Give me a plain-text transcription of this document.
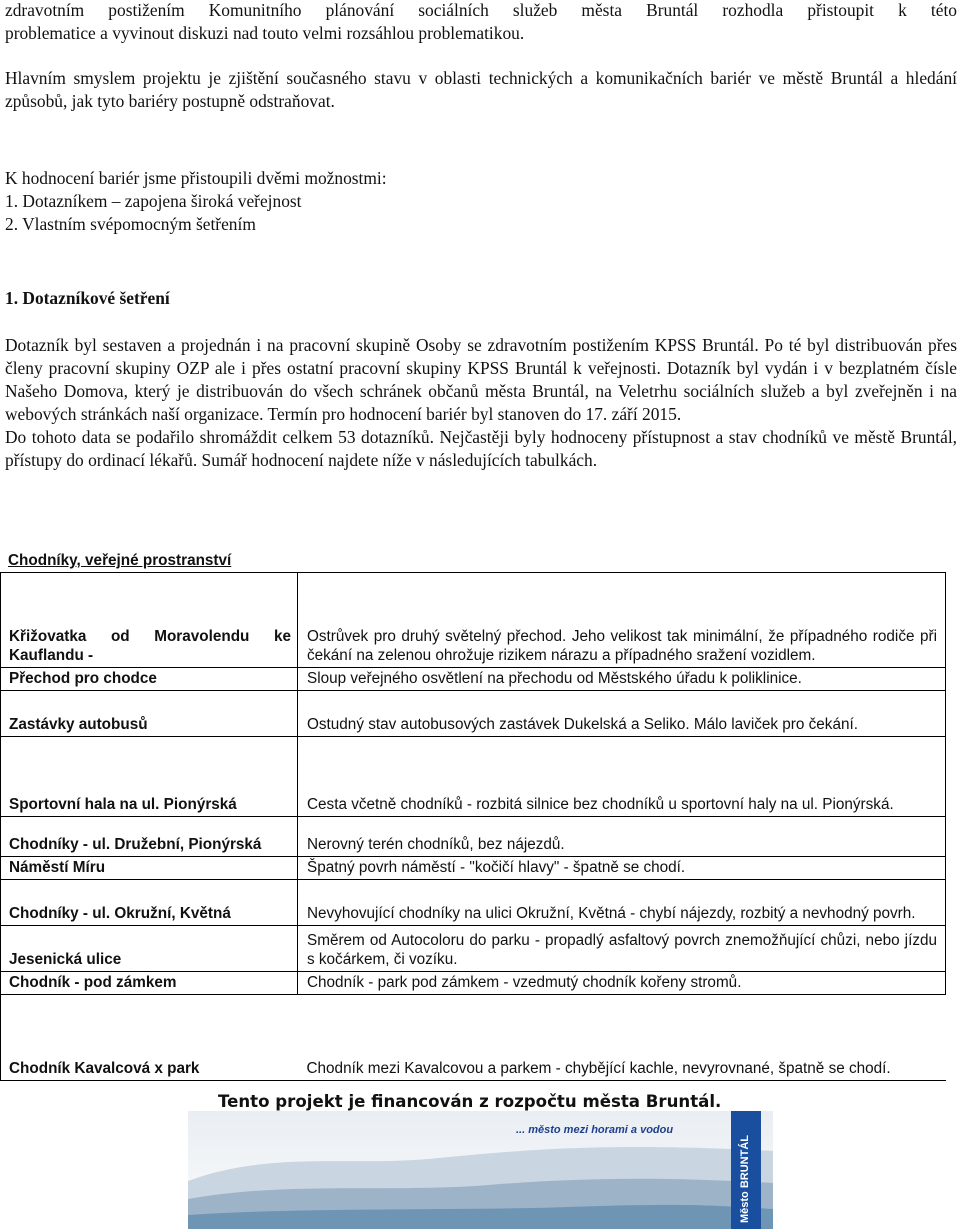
zdravotním postižením Komunitního plánování sociálních služeb města Bruntál rozhodla přistoupit k této

problematice a vyvinout diskuzi nad touto velmi rozsáhlou problematikou.

Hlavním smyslem projektu je zjištění současného stavu v oblasti technických a komunikačních bariér ve městě Bruntál a hledání způsobů, jak tyto bariéry postupně odstraňovat.

K hodnocení bariér jsme přistoupili dvěmi možnostmi:

1. Dotazníkem – zapojena široká veřejnost

2. Vlastním svépomocným šetřením

1. Dotazníkové šetření

Dotazník byl sestaven a projednán i na pracovní skupině Osoby se zdravotním postižením KPSS Bruntál. Po té byl distribuován přes členy pracovní skupiny OZP ale i přes ostatní pracovní skupiny KPSS Bruntál k veřejnosti. Dotazník byl vydán i v bezplatném čísle Našeho Domova, který je distribuován do všech schránek občanů města Bruntál, na Veletrhu sociálních služeb a byl zveřejněn i na webových stránkách naší organizace. Termín pro hodnocení bariér byl stanoven do 17. září 2015.

Do tohoto data se podařilo shromáždit celkem 53 dotazníků. Nejčastěji byly hodnoceny přístupnost a stav chodníků ve městě Bruntál, přístupy do ordinací lékařů. Sumář hodnocení najdete níže v následujících tabulkách.

Chodníky, veřejné prostranství
Křižovatka od Moravolendu ke Kauflandu -	Ostrůvek pro druhý světelný přechod. Jeho velikost tak minimální, že případného rodiče při čekání na zelenou ohrožuje rizikem nárazu a případného sražení vozidlem.
Přechod pro chodce	Sloup veřejného osvětlení na přechodu od Městského úřadu k poliklinice.
Zastávky autobusů	Ostudný stav autobusových zastávek Dukelská a Seliko. Málo laviček pro čekání.
Sportovní hala na ul. Pionýrská	Cesta včetně chodníků - rozbitá silnice bez chodníků u sportovní haly na ul. Pionýrská.
Chodníky - ul. Družební, Pionýrská	Nerovný terén chodníků, bez nájezdů.
Náměstí Míru	Špatný povrh náměstí - "kočičí hlavy" - špatně se chodí.
Chodníky - ul. Okružní, Květná	Nevyhovující chodníky na ulici Okružní, Květná - chybí nájezdy, rozbitý a nevhodný povrh.
Jesenická ulice	Směrem od Autocoloru do parku - propadlý asfaltový povrch znemožňující chůzi, nebo jízdu s kočárkem, či vozíku.
Chodník - pod zámkem	Chodník - park pod zámkem - vzedmutý chodník kořeny stromů.
Chodník Kavalcová x park	Chodník mezi Kavalcovou a parkem - chybějící kachle, nevyrovnané, špatně se chodí.
Tento projekt je financován z rozpočtu města Bruntál.
... město mezi horami a vodou
Město BRUNTÁL
